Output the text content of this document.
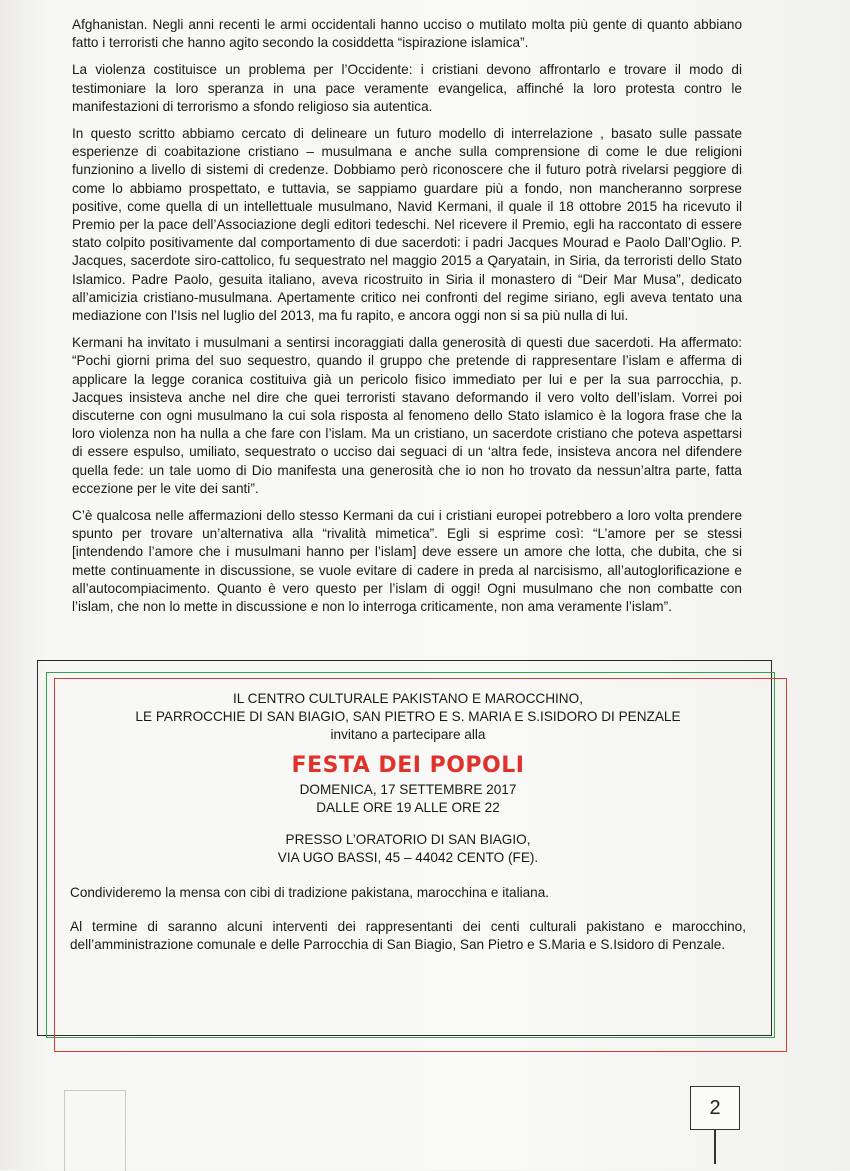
Afghanistan. Negli anni recenti le armi occidentali hanno ucciso o mutilato molta più gente di quanto abbiano fatto i terroristi che hanno agito secondo la cosiddetta “ispirazione islamica”.

La violenza costituisce un problema per l’Occidente: i cristiani devono affrontarlo e trovare il modo di testimoniare la loro speranza in una pace veramente evangelica, affinché la loro protesta contro le manifestazioni di terrorismo a sfondo religioso sia autentica.

In questo scritto abbiamo cercato di delineare un futuro modello di interrelazione , basato sulle passate esperienze di coabitazione cristiano – musulmana e anche sulla comprensione di come le due religioni funzionino a livello di sistemi di credenze. Dobbiamo però riconoscere che il futuro potrà rivelarsi peggiore di come lo abbiamo prospettato, e tuttavia, se sappiamo guardare più a fondo, non mancheranno sorprese positive, come quella di un intellettuale musulmano, Navid Kermani, il quale il 18 ottobre 2015 ha ricevuto il Premio per la pace dell’Associazione degli editori tedeschi. Nel ricevere il Premio, egli ha raccontato di essere stato colpito positivamente dal comportamento di due sacerdoti: i padri Jacques Mourad e Paolo Dall’Oglio. P. Jacques, sacerdote siro-cattolico, fu sequestrato nel maggio 2015 a Qaryatain, in Siria, da terroristi dello Stato Islamico. Padre Paolo, gesuita italiano, aveva ricostruito in Siria il monastero di “Deir Mar Musa”, dedicato all’amicizia cristiano-musulmana. Apertamente critico nei confronti del regime siriano, egli aveva tentato una mediazione con l’Isis nel luglio del 2013, ma fu rapito, e ancora oggi non si sa più nulla di lui.

Kermani ha invitato i musulmani a sentirsi incoraggiati dalla generosità di questi due sacerdoti. Ha affermato: “Pochi giorni prima del suo sequestro, quando il gruppo che pretende di rappresentare l’islam e afferma di applicare la legge coranica costituiva già un pericolo fisico immediato per lui e per la sua parrocchia, p. Jacques insisteva anche nel dire che quei terroristi stavano deformando il vero volto dell’islam. Vorrei poi discuterne con ogni musulmano la cui sola risposta al fenomeno dello Stato islamico è la logora frase che la loro violenza non ha nulla a che fare con l’islam. Ma un cristiano, un sacerdote cristiano che poteva aspettarsi di essere espulso, umiliato, sequestrato o ucciso dai seguaci di un ‘altra fede, insisteva ancora nel difendere quella fede: un tale uomo di Dio manifesta una generosità che io non ho trovato da nessun’altra parte, fatta eccezione per le vite dei santi”.

C’è qualcosa nelle affermazioni dello stesso Kermani da cui i cristiani europei potrebbero a loro volta prendere spunto per trovare un’alternativa alla “rivalità mimetica”. Egli si esprime così: “L’amore per se stessi [intendendo l’amore che i musulmani hanno per l’islam] deve essere un amore che lotta, che dubita, che si mette continuamente in discussione, se vuole evitare di cadere in preda al narcisismo, all’autoglorificazione e all’autocompiacimento. Quanto è vero questo per l’islam di oggi! Ogni musulmano che non combatte con l’islam, che non lo mette in discussione e non lo interroga criticamente, non ama veramente l’islam”.

IL CENTRO CULTURALE PAKISTANO E MAROCCHINO,

LE PARROCCHIE DI SAN BIAGIO, SAN PIETRO E S. MARIA E S.ISIDORO DI PENZALE

invitano a partecipare alla

FESTA DEI POPOLI

DOMENICA, 17 SETTEMBRE 2017

DALLE ORE 19 ALLE ORE 22

PRESSO L’ORATORIO DI SAN BIAGIO,

VIA UGO BASSI, 45 – 44042 CENTO (FE).

Condivideremo la mensa con cibi di tradizione pakistana, marocchina e italiana.

Al termine di saranno alcuni interventi dei rappresentanti dei centi culturali pakistano e marocchino, dell’amministrazione comunale e delle Parrocchia di San Biagio, San Pietro e S.Maria e S.Isidoro di Penzale.

2
